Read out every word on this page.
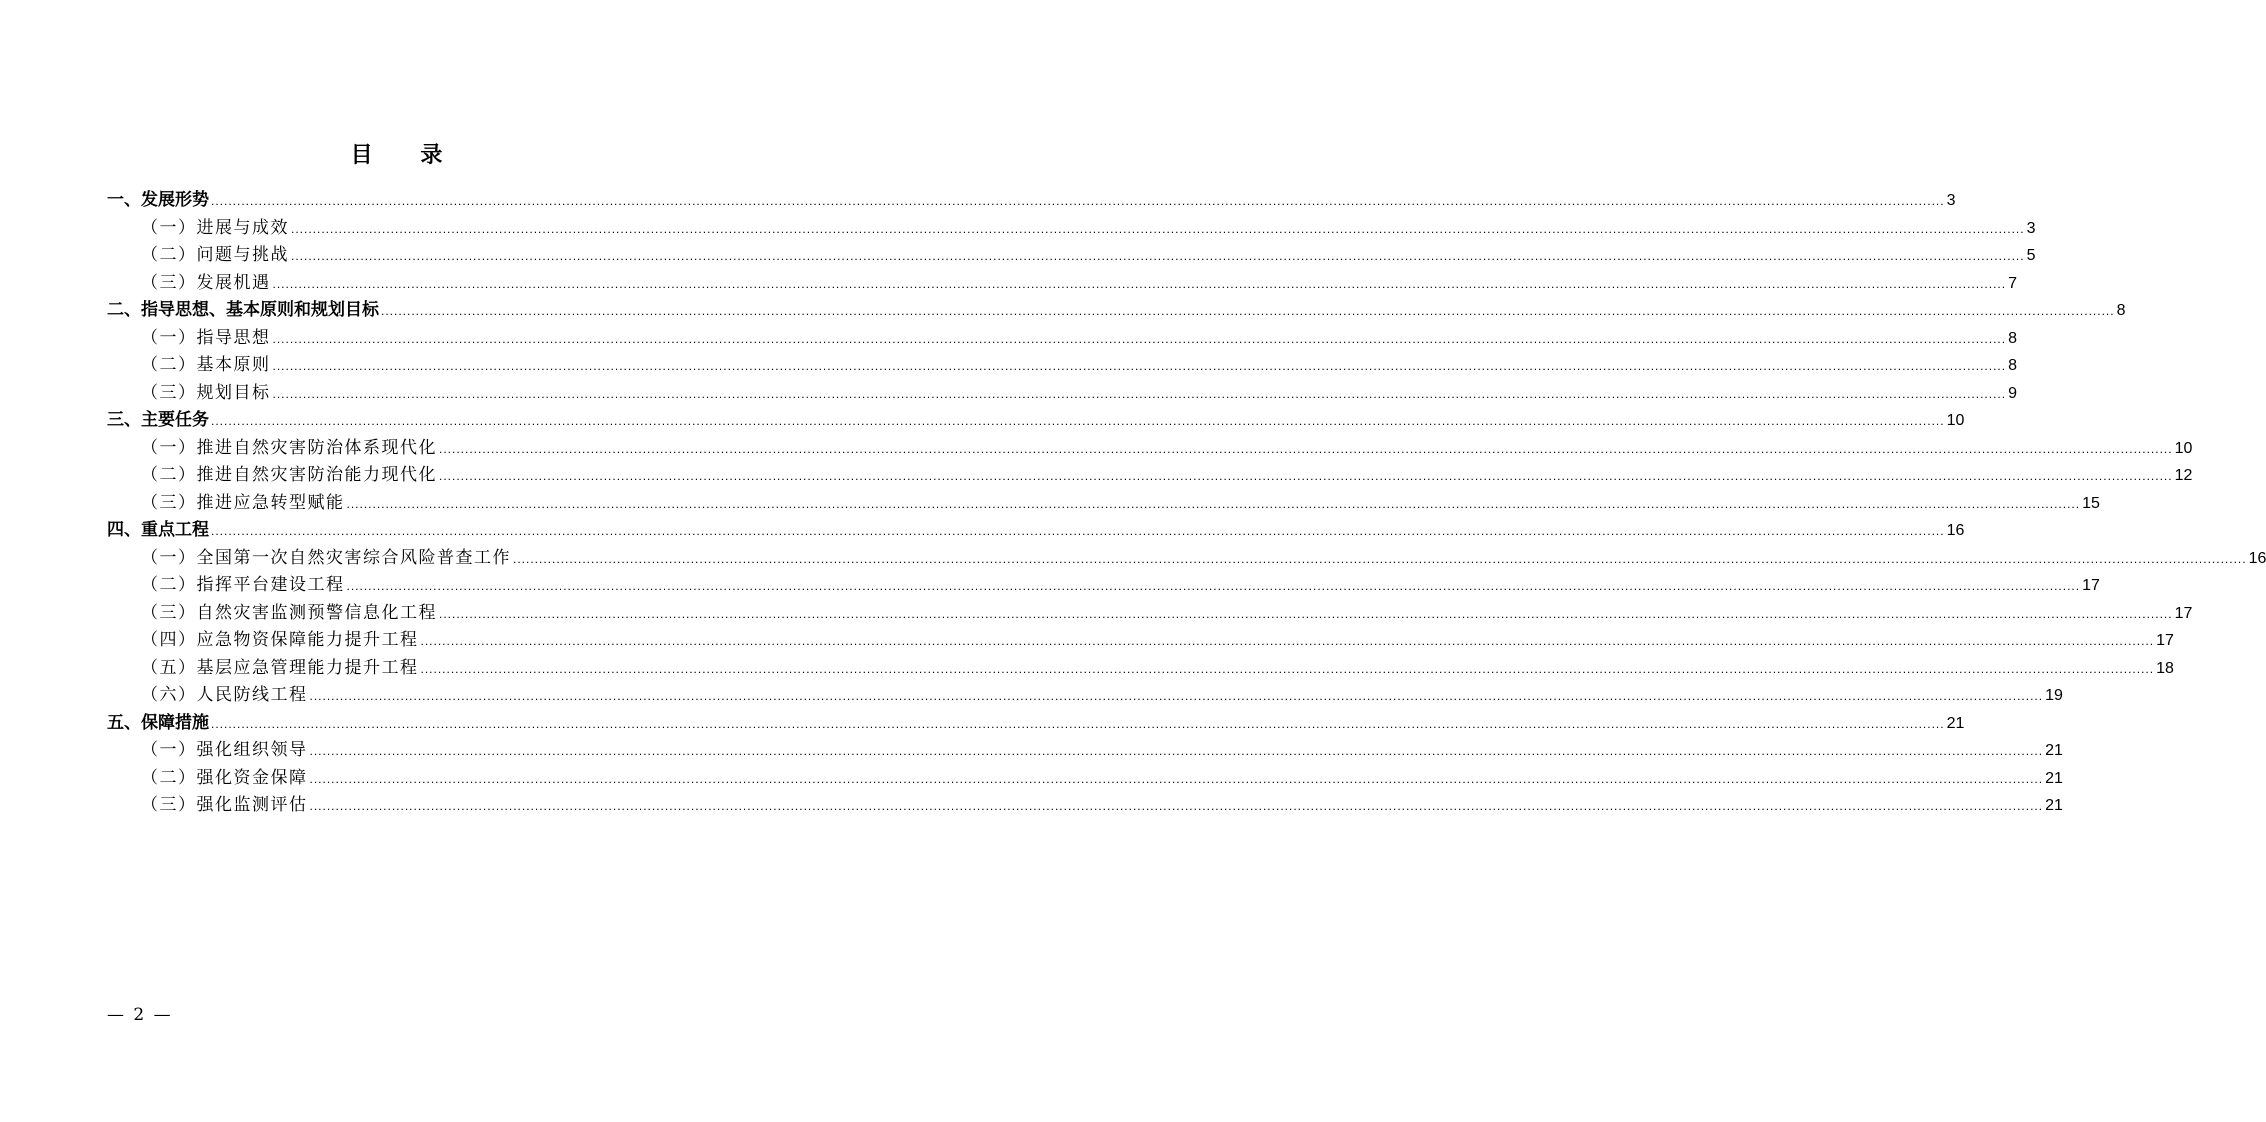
目 录
一、发展形势 ................................................................................................................................................................................................................................................................................................................................................................................................................ 3
（一）进展与成效 ................................................................................................................................................................................................................................................................................................................................................................................................................ 3
（二）问题与挑战 ................................................................................................................................................................................................................................................................................................................................................................................................................ 5
（三）发展机遇 ................................................................................................................................................................................................................................................................................................................................................................................................................ 7
二、指导思想、基本原则和规划目标 ................................................................................................................................................................................................................................................................................................................................................................................................................ 8
（一）指导思想 ................................................................................................................................................................................................................................................................................................................................................................................................................ 8
（二）基本原则 ................................................................................................................................................................................................................................................................................................................................................................................................................ 8
（三）规划目标 ................................................................................................................................................................................................................................................................................................................................................................................................................ 9
三、主要任务 ................................................................................................................................................................................................................................................................................................................................................................................................................ 10
（一）推进自然灾害防治体系现代化 ................................................................................................................................................................................................................................................................................................................................................................................................................ 10
（二）推进自然灾害防治能力现代化 ................................................................................................................................................................................................................................................................................................................................................................................................................ 12
（三）推进应急转型赋能 ................................................................................................................................................................................................................................................................................................................................................................................................................ 15
四、重点工程 ................................................................................................................................................................................................................................................................................................................................................................................................................ 16
（一）全国第一次自然灾害综合风险普查工作 ................................................................................................................................................................................................................................................................................................................................................................................................................ 16
（二）指挥平台建设工程 ................................................................................................................................................................................................................................................................................................................................................................................................................ 17
（三）自然灾害监测预警信息化工程 ................................................................................................................................................................................................................................................................................................................................................................................................................ 17
（四）应急物资保障能力提升工程 ................................................................................................................................................................................................................................................................................................................................................................................................................ 17
（五）基层应急管理能力提升工程 ................................................................................................................................................................................................................................................................................................................................................................................................................ 18
（六）人民防线工程 ................................................................................................................................................................................................................................................................................................................................................................................................................ 19
五、保障措施 ................................................................................................................................................................................................................................................................................................................................................................................................................ 21
（一）强化组织领导 ................................................................................................................................................................................................................................................................................................................................................................................................................ 21
（二）强化资金保障 ................................................................................................................................................................................................................................................................................................................................................................................................................ 21
（三）强化监测评估 ................................................................................................................................................................................................................................................................................................................................................................................................................ 21
— 2 —
